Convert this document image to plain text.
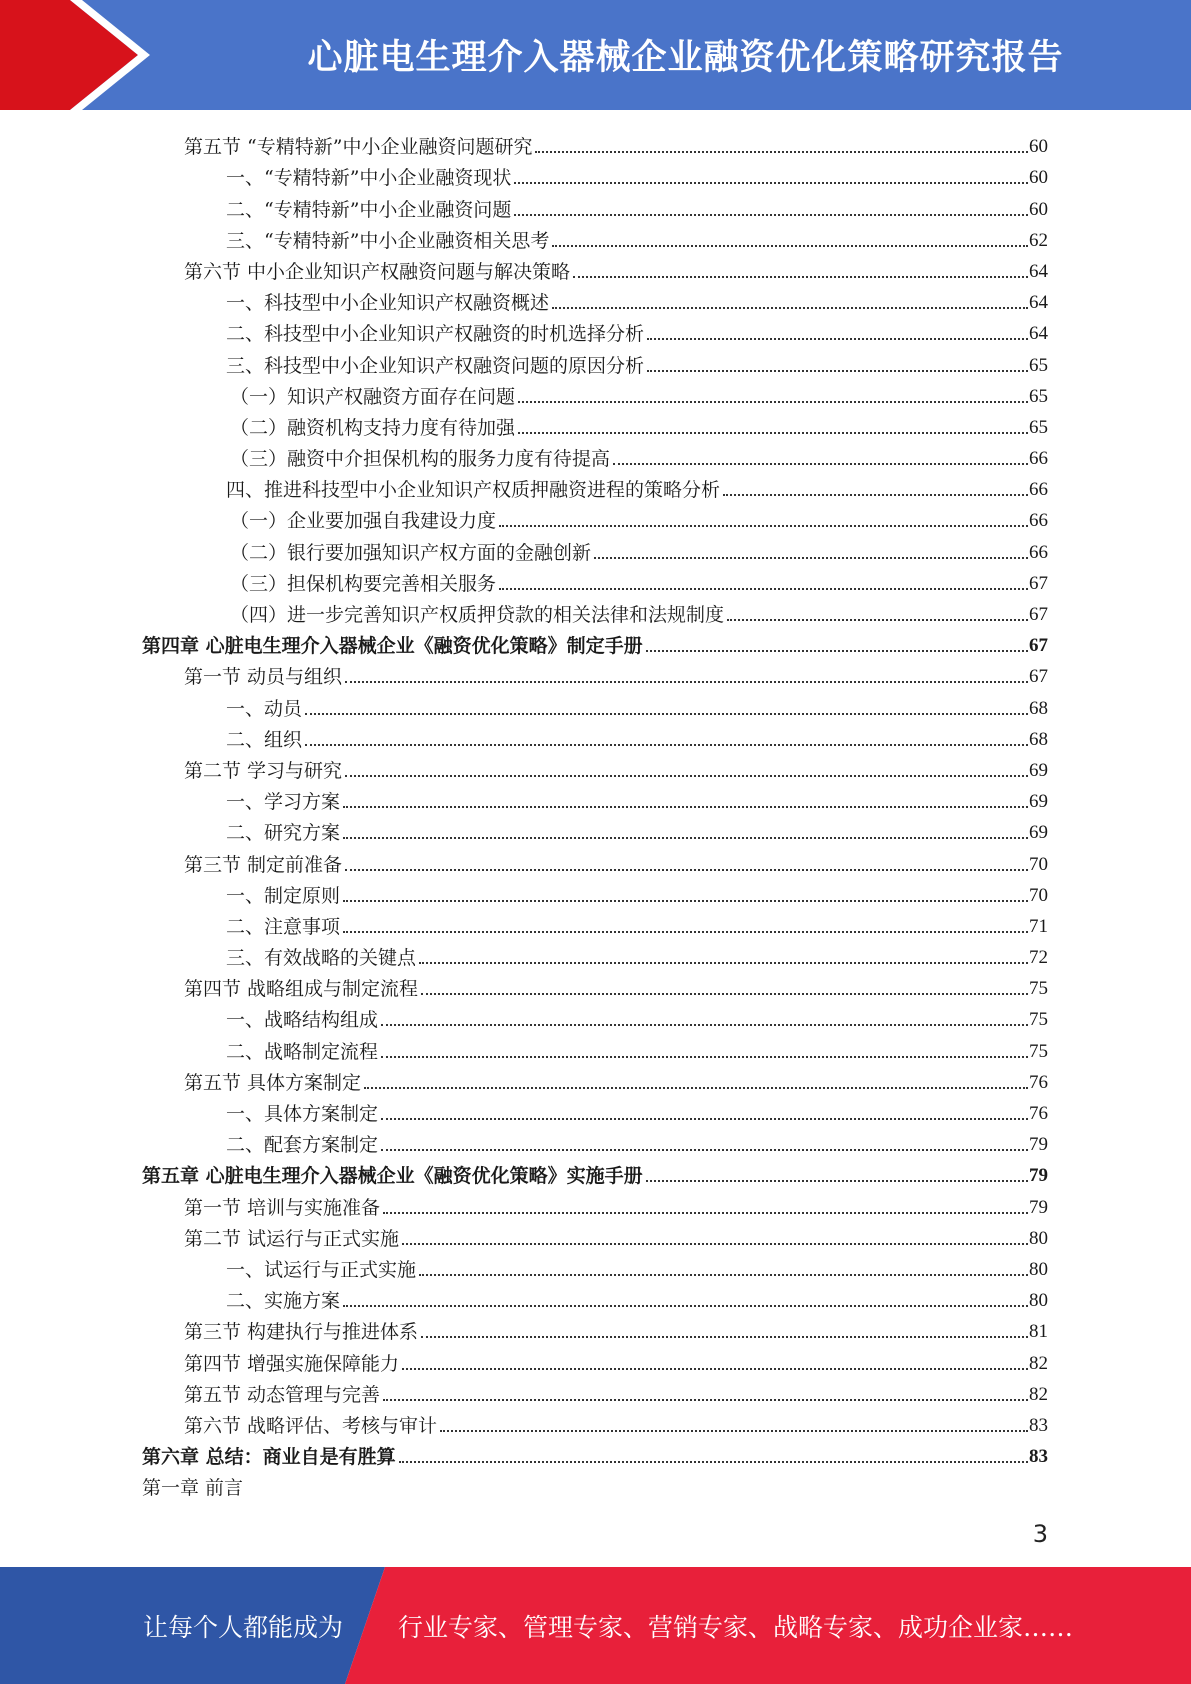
心脏电生理介入器械企业融资优化策略研究报告
第五节 “专精特新”中小企业融资问题研究	60
一、“专精特新”中小企业融资现状	60
二、“专精特新”中小企业融资问题	60
三、“专精特新”中小企业融资相关思考	62
第六节 中小企业知识产权融资问题与解决策略	64
一、科技型中小企业知识产权融资概述	64
二、科技型中小企业知识产权融资的时机选择分析	64
三、科技型中小企业知识产权融资问题的原因分析	65
（一）知识产权融资方面存在问题	65
（二）融资机构支持力度有待加强	65
（三）融资中介担保机构的服务力度有待提高	66
四、推进科技型中小企业知识产权质押融资进程的策略分析	66
（一）企业要加强自我建设力度	66
（二）银行要加强知识产权方面的金融创新	66
（三）担保机构要完善相关服务	67
（四）进一步完善知识产权质押贷款的相关法律和法规制度	67
第四章 心脏电生理介入器械企业《融资优化策略》制定手册	67
第一节 动员与组织	67
一、动员	68
二、组织	68
第二节 学习与研究	69
一、学习方案	69
二、研究方案	69
第三节 制定前准备	70
一、制定原则	70
二、注意事项	71
三、有效战略的关键点	72
第四节 战略组成与制定流程	75
一、战略结构组成	75
二、战略制定流程	75
第五节 具体方案制定	76
一、具体方案制定	76
二、配套方案制定	79
第五章 心脏电生理介入器械企业《融资优化策略》实施手册	79
第一节 培训与实施准备	79
第二节 试运行与正式实施	80
一、试运行与正式实施	80
二、实施方案	80
第三节 构建执行与推进体系	81
第四节 增强实施保障能力	82
第五节 动态管理与完善	82
第六节 战略评估、考核与审计	83
第六章 总结：商业自是有胜算	83
第一章 前言
3
让每个人都能成为 行业专家、管理专家、营销专家、战略专家、成功企业家……
